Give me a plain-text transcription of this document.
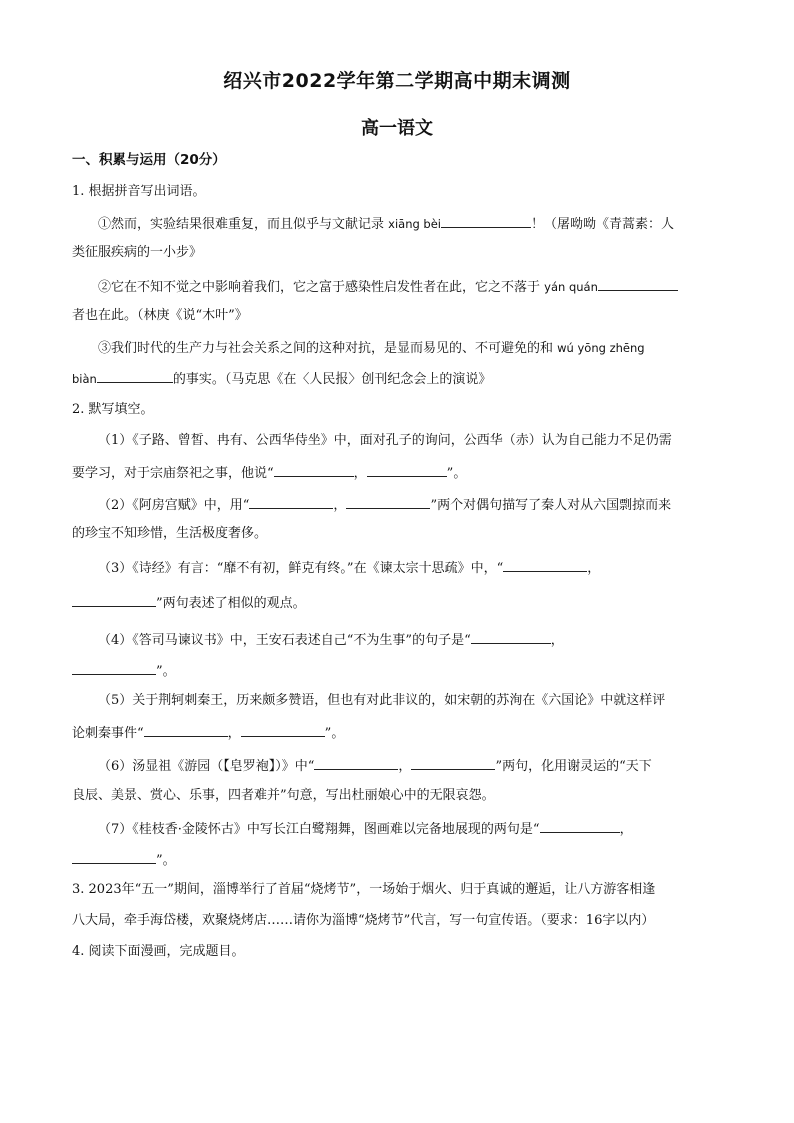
绍兴市2022学年第二学期高中期末调测
高一语文
一、积累与运用（20分）
1. 根据拼音写出词语。
①然而，实验结果很难重复，而且似乎与文献记录 xiāng bèi	！（屠呦呦《青蒿素：人
类征服疾病的一小步》
②它在不知不觉之中影响着我们，它之富于感染性启发性者在此，它之不落于 yán quán
者也在此。（林庚《说“木叶”》
③我们时代的生产力与社会关系之间的这种对抗，是显而易见的、不可避免的和 wú yōng zhēng
biàn	的事实。（马克思《在〈人民报〉创刊纪念会上的演说》
2. 默写填空。
（1）《子路、曾皙、冉有、公西华侍坐》中，面对孔子的询问，公西华（赤）认为自己能力不足仍需
要学习，对于宗庙祭祀之事，他说“	，	”。
（2）《阿房宫赋》中，用“	，	”两个对偶句描写了秦人对从六国剽掠而来
的珍宝不知珍惜，生活极度奢侈。
（3）《诗经》有言：“靡不有初，鲜克有终。”在《谏太宗十思疏》中，“	，
”两句表述了相似的观点。
（4）《答司马谏议书》中，王安石表述自己“不为生事”的句子是“	，
”。
（5）关于荆轲刺秦王，历来颇多赞语，但也有对此非议的，如宋朝的苏洵在《六国论》中就这样评
论刺秦事件“	，	”。
（6）汤显祖《游园（【皂罗袍】）》中“	，	”两句，化用谢灵运的“天下
良辰、美景、赏心、乐事，四者难并”句意，写出杜丽娘心中的无限哀怨。
（7）《桂枝香·金陵怀古》中写长江白鹭翔舞，图画难以完备地展现的两句是“	，
”。
3. 2023年“五一”期间，淄博举行了首届“烧烤节”，一场始于烟火、归于真诚的邂逅，让八方游客相逢
八大局，牵手海岱楼，欢聚烧烤店……请你为淄博“烧烤节”代言，写一句宣传语。（要求：16字以内）
4. 阅读下面漫画，完成题目。
